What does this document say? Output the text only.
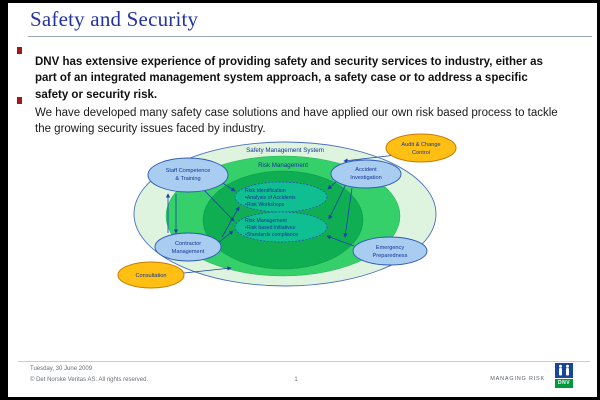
Safety and Security

DNV has extensive experience of providing safety and security services to industry, either as part of an integrated management system approach, a safety case or to address a specific safety or security risk.

We have developed many safety case solutions and have applied our own risk based process to tackle the growing security issues faced by industry.

Safety Management System
Risk Management
Risk Identification
•Analysis of Accidents
•Risk Workshops
Risk Management
•Risk based initiatives
•Standards compliance
Staff Competence
& Training
Accident
Investigation
Contractor
Management
Emergency
Preparedness
Audit & Change
Control
Consultation
Tuesday, 30 June 2009
© Det Norske Veritas AS. All rights reserved.	1	MANAGING RISK
DNV
